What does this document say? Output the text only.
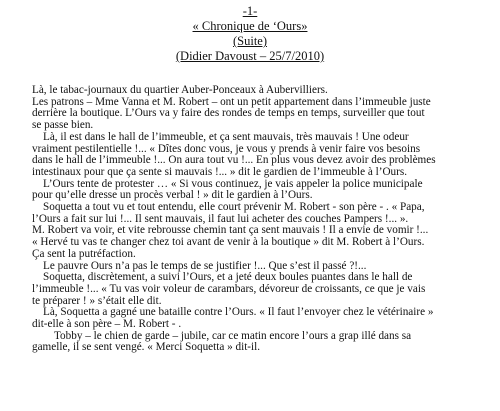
-1-
« Chronique de ‘Ours»
(Suite)
(Didier Davoust – 25/7/2010)

Là, le tabac-journaux du quartier Auber-Ponceaux à Aubervilliers.

Les patrons – Mme Vanna et M. Robert – ont un petit appartement dans l’immeuble juste

derrière la boutique. L’Ours va y faire des rondes de temps en temps, surveiller que tout

se passe bien.

Là, il est dans le hall de l’immeuble, et ça sent mauvais, très mauvais ! Une odeur

vraiment pestilentielle !... « Dîtes donc vous, je vous y prends à venir faire vos besoins

dans le hall de l’immeuble !... On aura tout vu !... En plus vous devez avoir des problèmes

intestinaux pour que ça sente si mauvais !... » dit le gardien de l’immeuble à l’Ours.

L’Ours tente de protester … « Si vous continuez, je vais appeler la police municipale

pour qu’elle dresse un procès verbal ! » dit le gardien à l’Ours.

Soquetta a tout vu et tout entendu, elle court prévenir M. Robert - son père - . « Papa,

l’Ours a fait sur lui !... Il sent mauvais, il faut lui acheter des couches Pampers !... ».

M. Robert va voir, et vite rebrousse chemin tant ça sent mauvais ! Il a envie de vomir !...

« Hervé tu vas te changer chez toi avant de venir à la boutique » dit M. Robert à l’Ours.

Ça sent la putréfaction.

Le pauvre Ours n’a pas le temps de se justifier !... Que s’est il passé ?!...

Soquetta, discrètement, a suivi l’Ours, et a jeté deux boules puantes dans le hall de

l’immeuble !... « Tu vas voir voleur de carambars, dévoreur de croissants, ce que je vais

te préparer ! » s’était elle dit.

Là, Soquetta a gagné une bataille contre l’Ours. « Il faut l’envoyer chez le vétérinaire »

dit-elle à son père – M. Robert - .

Tobby – le chien de garde – jubile, car ce matin encore l’ours a grap illé dans sa

gamelle, il se sent vengé. « Merci Soquetta » dit-il.
